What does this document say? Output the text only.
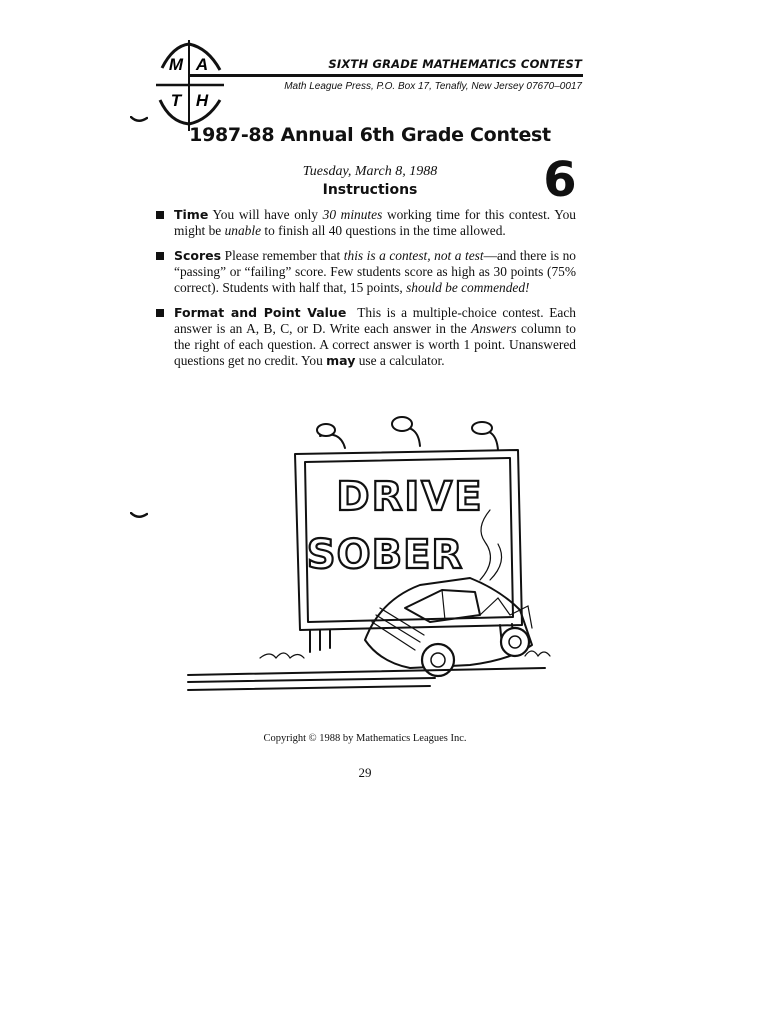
M A
T H
SIXTH GRADE MATHEMATICS CONTEST
Math League Press, P.O. Box 17, Tenafly, New Jersey 07670–0017
1987-88 Annual 6th Grade Contest
Tuesday, March 8, 1988
Instructions	6
Time You will have only 30 minutes working time for this contest. You might be unable to finish all 40 questions in the time allowed.
Scores Please remember that this is a contest, not a test—and there is no “passing” or “failing” score. Few students score as high as 30 points (75% correct). Students with half that, 15 points, should be commended!
Format and Point Value This is a multiple-choice contest. Each answer is an A, B, C, or D. Write each answer in the Answers column to the right of each question. A correct answer is worth 1 point. Unanswered questions get no credit. You may use a calculator.
DRIVE
SOBER
Copyright © 1988 by Mathematics Leagues Inc.
29
